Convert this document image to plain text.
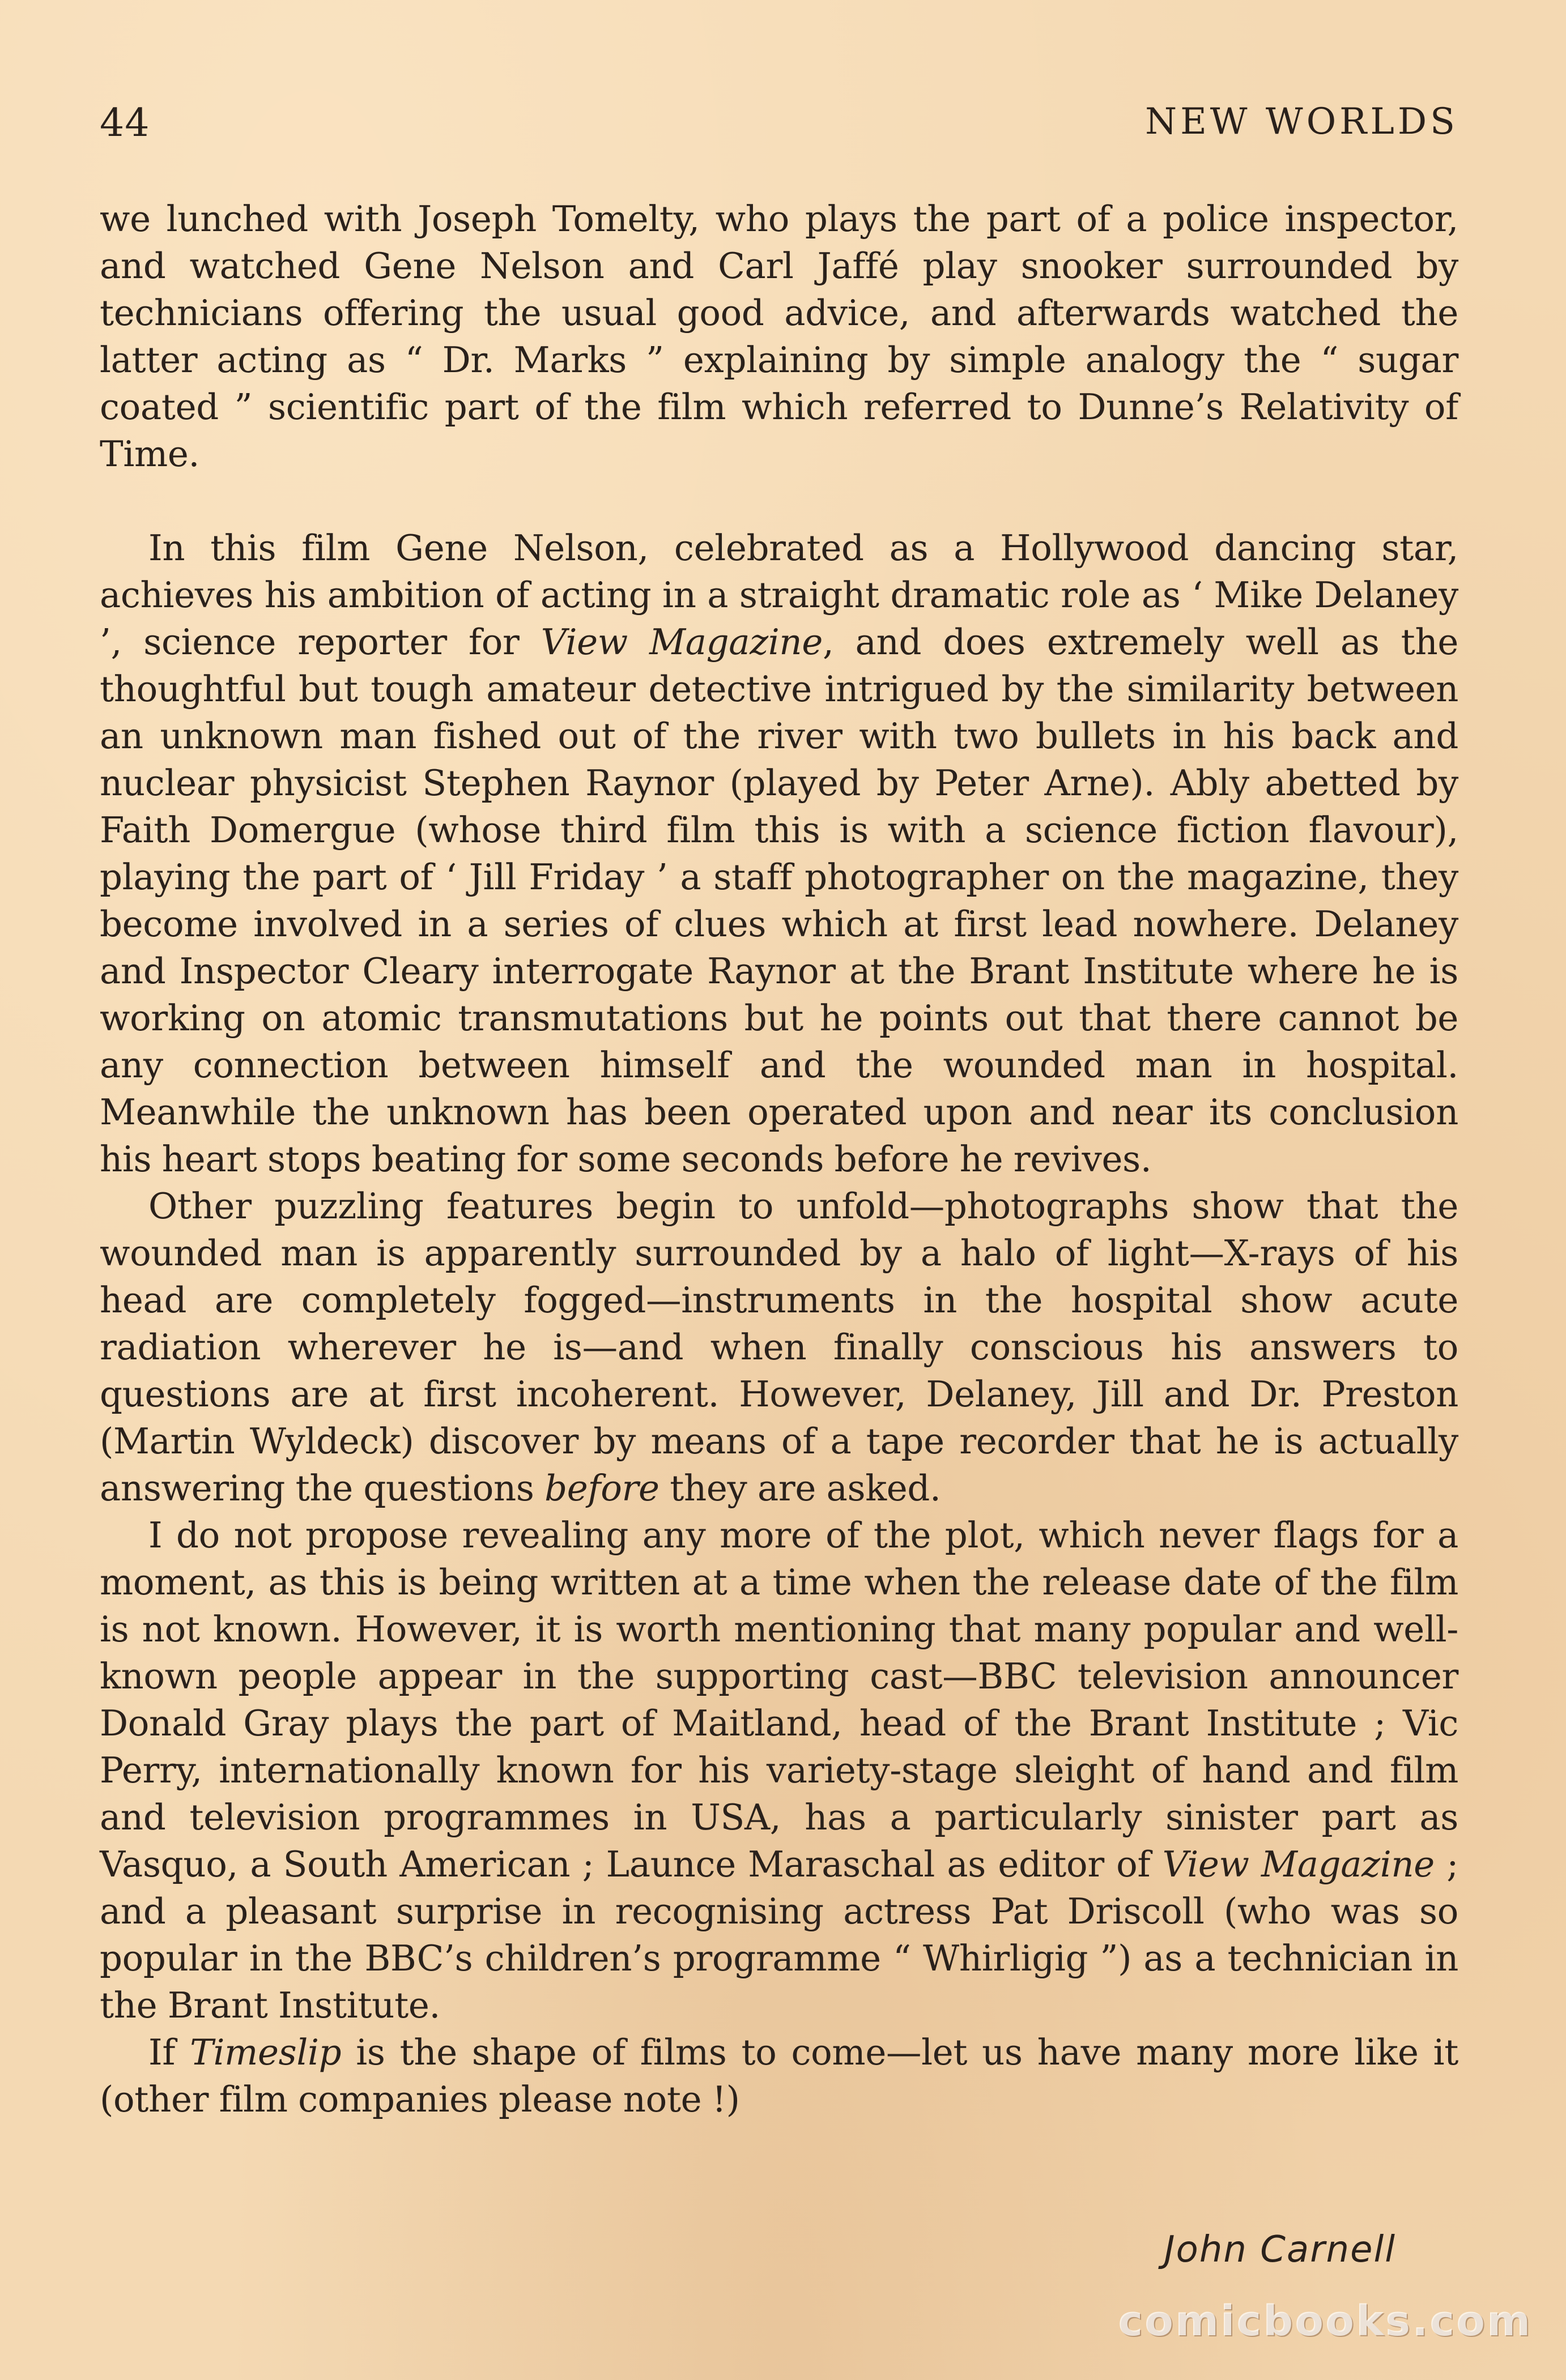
44	NEW WORLDS

we lunched with Joseph Tomelty, who plays the part of a police inspector, and watched Gene Nelson and Carl Jaffé play snooker surrounded by technicians offering the usual good advice, and afterwards watched the latter acting as “ Dr. Marks ” explaining by simple analogy the “ sugar coated ” scientific part of the film which referred to Dunne’s Relativity of Time.

In this film Gene Nelson, celebrated as a Hollywood dancing star, achieves his ambition of acting in a straight dramatic role as ‘ Mike Delaney ’, science reporter for View Magazine, and does extremely well as the thoughtful but tough amateur detective intrigued by the similarity between an unknown man fished out of the river with two bullets in his back and nuclear physicist Stephen Raynor (played by Peter Arne). Ably abetted by Faith Domergue (whose third film this is with a science fiction flavour), playing the part of ‘ Jill Friday ’ a staff photographer on the magazine, they become involved in a series of clues which at first lead nowhere. Delaney and Inspector Cleary interrogate Raynor at the Brant Institute where he is working on atomic transmutations but he points out that there cannot be any connection between himself and the wounded man in hospital. Meanwhile the unknown has been operated upon and near its conclusion his heart stops beating for some seconds before he revives.

Other puzzling features begin to unfold—photographs show that the wounded man is apparently surrounded by a halo of light—X-rays of his head are completely fogged—instruments in the hospital show acute radiation wherever he is—and when finally conscious his answers to questions are at first incoherent. However, Delaney, Jill and Dr. Preston (Martin Wyldeck) discover by means of a tape recorder that he is actually answering the questions before they are asked.

I do not propose revealing any more of the plot, which never flags for a moment, as this is being written at a time when the release date of the film is not known. However, it is worth mentioning that many popular and well-known people appear in the supporting cast—BBC television announcer Donald Gray plays the part of Maitland, head of the Brant Institute ; Vic Perry, internationally known for his variety-stage sleight of hand and film and television programmes in USA, has a particularly sinister part as Vasquo, a South American ; Launce Maraschal as editor of View Magazine ; and a pleasant surprise in recognising actress Pat Driscoll (who was so popular in the BBC’s children’s programme “ Whirligig ”) as a technician in the Brant Institute.

If Timeslip is the shape of films to come—let us have many more like it (other film companies please note !)

John Carnell
comicbooks.com
